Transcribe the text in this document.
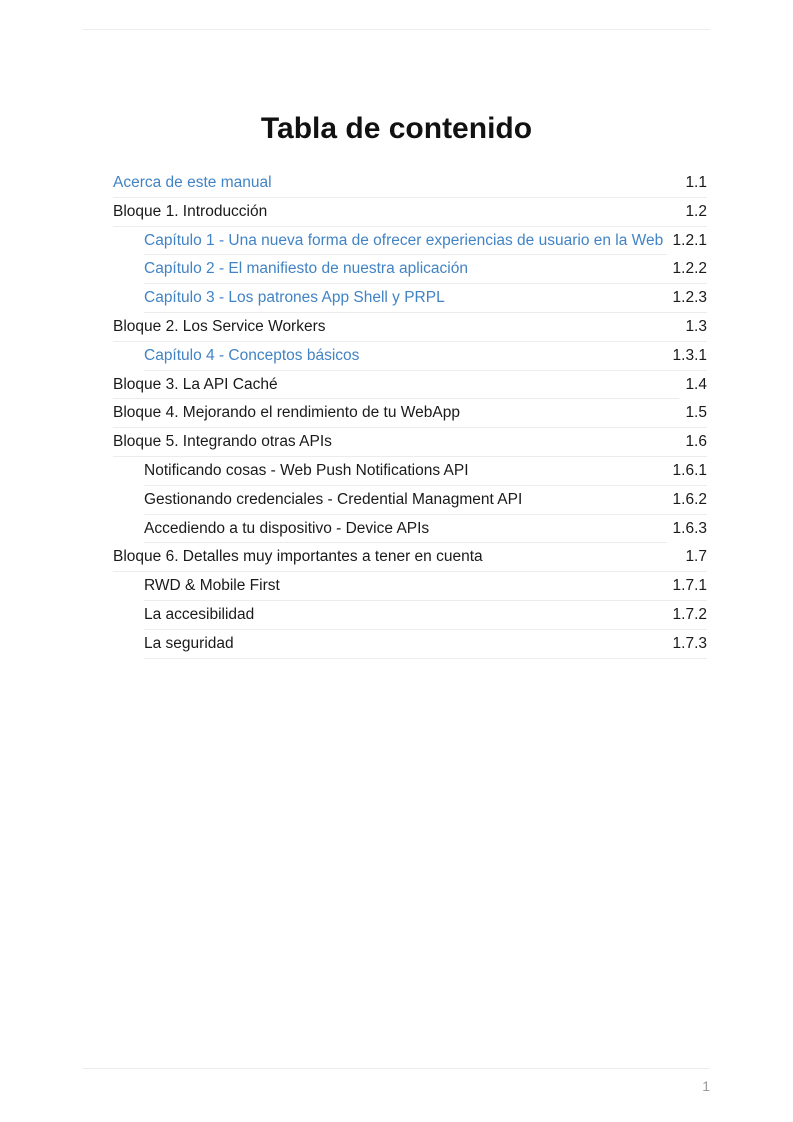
Tabla de contenido
Acerca de este manual	1.1
Bloque 1. Introducción	1.2
Capítulo 1 - Una nueva forma de ofrecer experiencias de usuario en la Web 1.2.1
Capítulo 2 - El manifiesto de nuestra aplicación	1.2.2
Capítulo 3 - Los patrones App Shell y PRPL	1.2.3
Bloque 2. Los Service Workers	1.3
Capítulo 4 - Conceptos básicos	1.3.1
Bloque 3. La API Caché	1.4
Bloque 4. Mejorando el rendimiento de tu WebApp	1.5
Bloque 5. Integrando otras APIs	1.6
Notificando cosas - Web Push Notifications API	1.6.1
Gestionando credenciales - Credential Managment API	1.6.2
Accediendo a tu dispositivo - Device APIs	1.6.3
Bloque 6. Detalles muy importantes a tener en cuenta	1.7
RWD & Mobile First	1.7.1
La accesibilidad	1.7.2
La seguridad	1.7.3
1
